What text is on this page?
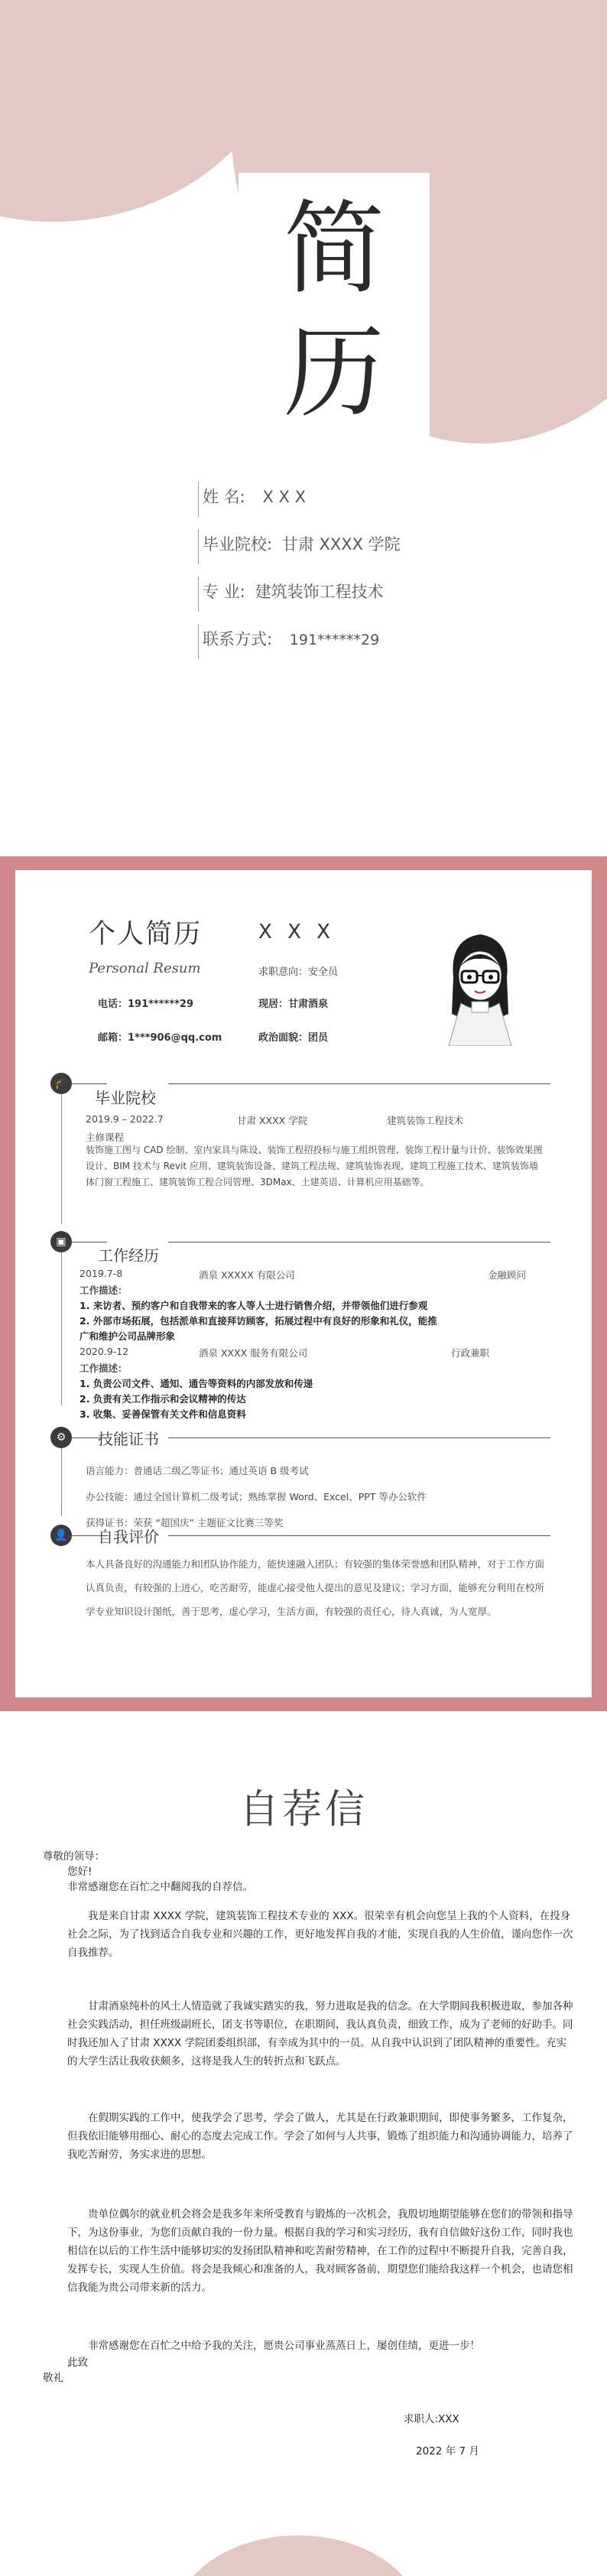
简
历
姓 名: X X X
毕业院校: 甘肃 XXXX 学院
专 业: 建筑装饰工程技术
联系方式: 191******29
个人简历	X X X
Personal Resum	求职意向：安全员
电话：191******29	现居：甘肃酒泉
邮箱：1***906@qq.com	政治面貌：团员
🎓
毕业院校
2019.9 – 2022.7	甘肃 XXXX 学院	建筑装饰工程技术
主修课程
装饰施工图与 CAD 绘制、室内家具与陈设、装饰工程招投标与施工组织管理、装饰工程计量与计价、装饰效果图设计、BIM 技术与 Revit 应用、建筑装饰设备、建筑工程法规、建筑装饰表现、建筑工程施工技术、建筑装饰墙体门窗工程施工、建筑装饰工程合同管理、3DMax、土建英语、计算机应用基础等。
▣
工作经历
2019.7-8	酒泉 XXXXX 有限公司	金融顾问
工作描述：
1. 来访者、预约客户和自我带来的客人等人士进行销售介绍，并带领他们进行参观
2. 外部市场拓展，包括派单和直接拜访顾客，拓展过程中有良好的形象和礼仪，能推
广和维护公司品牌形象
2020.9-12	酒泉 XXXX 服务有限公司	行政兼职
工作描述：
1. 负责公司文件、通知、通告等资料的内部发放和传递
2. 负责有关工作指示和会议精神的传达
3. 收集、妥善保管有关文件和信息资料
⚙	技能证书
语言能力：普通话二级乙等证书；通过英语 B 级考试
办公技能：通过全国计算机二级考试；熟练掌握 Word、Excel、PPT 等办公软件
获得证书：荣获 “超国庆” 主题征文比赛三等奖
👤 自我评价
本人具备良好的沟通能力和团队协作能力，能快速融入团队；有较强的集体荣誉感和团队精神，对于工作方面认真负责，有较强的上进心，吃苦耐劳，能虚心接受他人提出的意见及建议；学习方面，能够充分利用在校所学专业知识设计图纸，善于思考，虚心学习，生活方面，有较强的责任心，待人真诚，为人宽厚。
自荐信
尊敬的领导：
您好!
非常感谢您在百忙之中翻阅我的自荐信。
我是来自甘肃 XXXX 学院，建筑装饰工程技术专业的 XXX。很荣幸有机会向您呈上我的个人资料，在投身社会之际，为了找到适合自我专业和兴趣的工作，更好地发挥自我的才能，实现自我的人生价值，谨向您作一次自我推荐。
甘肃酒泉纯朴的风土人情造就了我诚实踏实的我，努力进取是我的信念。在大学期间我积极进取，参加各种社会实践活动，担任班级副班长，团支书等职位，在职期间，我认真负责，细致工作，成为了老师的好助手。同时我还加入了甘肃 XXXX 学院团委组织部，有幸成为其中的一员。从自我中认识到了团队精神的重要性。充实的大学生活让我收获颇多，这将是我人生的转折点和飞跃点。
在假期实践的工作中，使我学会了思考，学会了做人，尤其是在行政兼职期间，即使事务繁多，工作复杂，但我依旧能够用细心、耐心的态度去完成工作。学会了如何与人共事，锻炼了组织能力和沟通协调能力，培养了我吃苦耐劳，务实求进的思想。
贵单位偶尔的就业机会将会是我多年来所受教育与锻炼的一次机会，我殷切地期望能够在您们的带领和指导下，为这份事业，为您们贡献自我的一份力量。根据自我的学习和实习经历，我有自信做好这份工作，同时我也相信在以后的工作生活中能够切实的发扬团队精神和吃苦耐劳精神，在工作的过程中不断提升自我，完善自我，发挥专长，实现人生价值。将会是我倾心和准备的人，我对顾客备前，期望您们能给我这样一个机会，也请您相信我能为贵公司带来新的活力。
非常感谢您在百忙之中给予我的关注，愿贵公司事业蒸蒸日上，屡创佳绩，更进一步！
此致
敬礼
求职人:XXX
2022 年 7 月
